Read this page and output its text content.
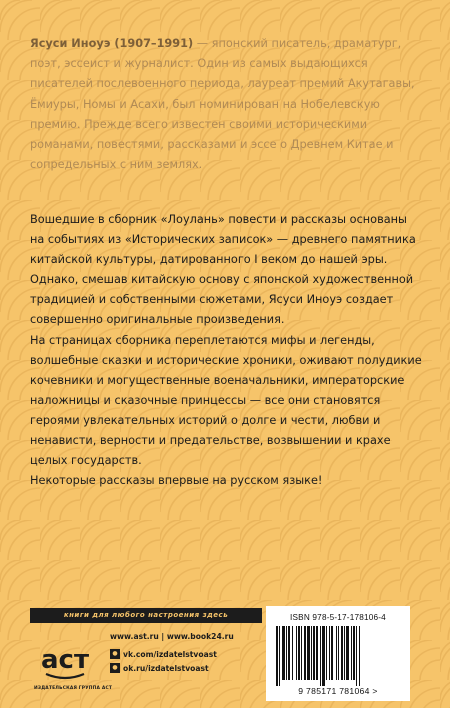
Ясуси Иноуэ (1907–1991) — японский писатель, драматург, поэт, эссеист и журналист. Один из самых выдающихся писателей послевоенного периода, лауреат премий Акутагавы, Ёмиуры, Номы и Асахи, был номинирован на Нобелевскую премию. Прежде всего известен своими историческими романами, повестями, рассказами и эссе о Древнем Китае и сопредельных с ним землях.

Вошедшие в сборник «Лоулань» повести и рассказы основаны на событиях из «Исторических записок» — древнего памятника китайской культуры, датированного I веком до нашей эры. Однако, смешав китайскую основу с японской художественной традицией и собственными сюжетами, Ясуси Иноуэ создает совершенно оригинальные произведения.

На страницах сборника переплетаются мифы и легенды, волшебные сказки и исторические хроники, оживают полудикие кочевники и могущественные военачальники, императорские наложницы и сказочные принцессы — все они становятся героями увлекательных историй о долге и чести, любви и ненависти, верности и предательстве, возвышении и крахе целых государств.

Некоторые рассказы впервые на русском языке!

книги для любого настроения здесь
аст
ИЗДАТЕЛЬСКАЯ ГРУППА АСТ
www.ast.ru | www.book24.ru
● vk.com/izdatelstvoast
● ok.ru/izdatelstvoast
ISBN 978-5-17-178106-4
9 785171 781064 >
